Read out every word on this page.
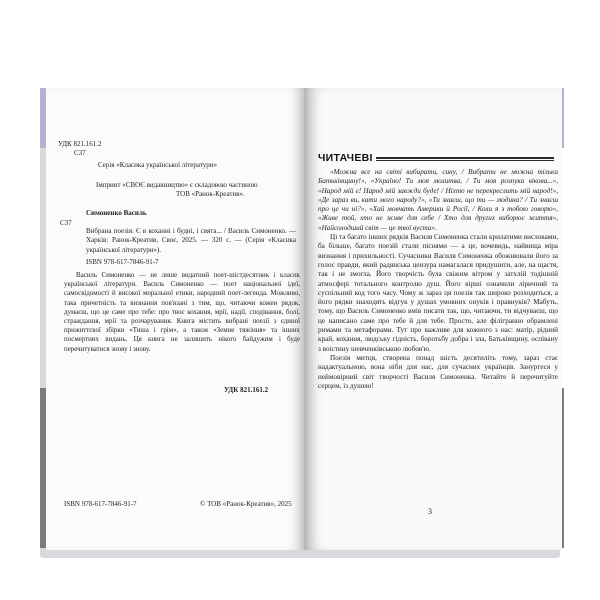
УДК 821.161.2
С37
Серія «Класика української літератури»
Імпринт «СВОЄ видавництво» є складовою частиною
ТОВ «Ранок-Креатив».
Симоненко Василь
С37
Вибрана поезія. Є в коханні і будні, і свята... / Василь Симоненко. — Харків: Ранок-Креатив, Своє, 2025. — 320 с. — (Серія «Класика української літератури»).
ISBN 978-617-7846-91-7
Василь Симоненко — не лише видатний поет-шістдесятник і класик української літератури. Василь Симоненко — поет національної ідеї, самосвідомості й високої моральної етики, народний поет-легенда. Можливо, така причетність та визнання пов'язані з тим, що, читаючи кожен рядок, думаєш, що це саме про тебе: про твоє кохання, мрії, надії, сподівання, болі, страждання, мрії та розчарування. Книга містить вибрані поезії з єдиної прижиттєвої збірки «Тиша і грім», а також «Земне тяжіння» та інших посмертних видань. Ця книга не залишить нікого байдужим і буде перечитуватися знову і знову.
УДК 821.161.2
ISBN 978-617-7846-91-7	© ТОВ «Ранок-Креатив», 2025
ЧИТАЧЕВІ

«Можна все на світі вибирати, сину, / Вибрати не можна тільки Батьківщину!», «Україно! Ти моя молитва, / Ти моя розпука віковa...», «Народ мій є! Народ мій завжди буде! / Ніхто не перекреслить мій народ!», «Де зараз ви, кати мого народу?», «Ти знаєш, що ти — людина? / Ти знаєш про це чи ні?», «Хай мовчать Америки й Росії, / Коли я з тобою говорю», «Живе той, хто не живе для себе / Хто для других виборює життя», «Найсолодший світ — це твої вуста».

Ці та багато інших рядків Василя Симоненка стали крилатими висловами, ба більше, багато поезій стали піснями — а це, вочевидь, найвища міра визнання і прихильності. Сучасники Василя Симоненка обожнювали його за голос правди, який радянська цензура намагалася придушити, але, на щастя, так і не змогла. Його творчість була свіжим вітром у затхлій тодішній атмосфері тотального контролю душ. Його вірші означили ліричний та суспільний код того часу. Чому ж зараз ця поезія так широко розходиться, а його рядки знаходять відгук у душах умовних онуків і правнуків? Мабуть, тому, що Василь Симоненко вмів писати так, що, читаючи, ти відчуваєш, що це написано саме про тебе й для тебе. Просто, але філігранно обрамлені римами та метафорами. Тут про важливе для кожного з нас: матір, рідний край, кохання, людську гідність, боротьбу добра і зла, Батьківщину, оспівану з воістину шевченківською любов'ю.

Поезія митця, створена понад шість десятиліть тому, зараз стає надактуальною, вона ніби для нас, для сучасних українців. Зануртеся у неймовірний світ творчості Василя Симоненка. Читайте й перечитуйте серцем, із душею!

3
